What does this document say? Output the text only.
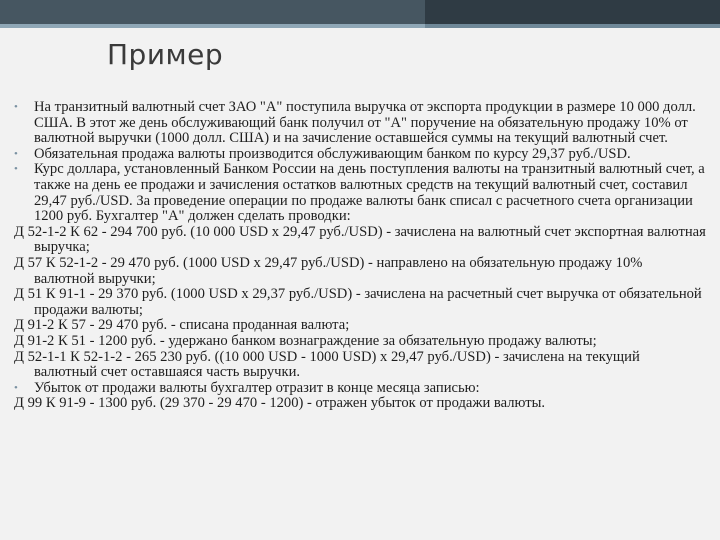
Пример
•	На транзитный валютный счет ЗАО "А" поступила выручка от экспорта продукции в размере 10 000 долл. США. В этот же день обслуживающий банк получил от "А" поручение на обязательную продажу 10% от валютной выручки (1000 долл. США) и на зачисление оставшейся суммы на текущий валютный счет.
•	Обязательная продажа валюты производится обслуживающим банком по курсу 29,37 руб./USD.
•	Курс доллара, установленный Банком России на день поступления валюты на транзитный валютный счет, а также на день ее продажи и зачисления остатков валютных средств на текущий валютный счет, составил 29,47 руб./USD. За проведение операции по продаже валюты банк списал с расчетного счета организации 1200 руб. Бухгалтер "А" должен сделать проводки:
Д 52-1-2 К 62 - 294 700 руб. (10 000 USD x 29,47 руб./USD) - зачислена на валютный счет экспортная валютная выручка;
Д 57 К 52-1-2 - 29 470 руб. (1000 USD x 29,47 руб./USD) - направлено на обязательную продажу 10% валютной выручки;
Д 51 К 91-1 - 29 370 руб. (1000 USD x 29,37 руб./USD) - зачислена на расчетный счет выручка от обязательной продажи валюты;
Д 91-2 К 57 - 29 470 руб. - списана проданная валюта;
Д 91-2 К 51 - 1200 руб. - удержано банком вознаграждение за обязательную продажу валюты;
Д 52-1-1 К 52-1-2 - 265 230 руб. ((10 000 USD - 1000 USD) x 29,47 руб./USD) - зачислена на текущий валютный счет оставшаяся часть выручки.
•	Убыток от продажи валюты бухгалтер отразит в конце месяца записью:
Д 99 К 91-9 - 1300 руб. (29 370 - 29 470 - 1200) - отражен убыток от продажи валюты.
